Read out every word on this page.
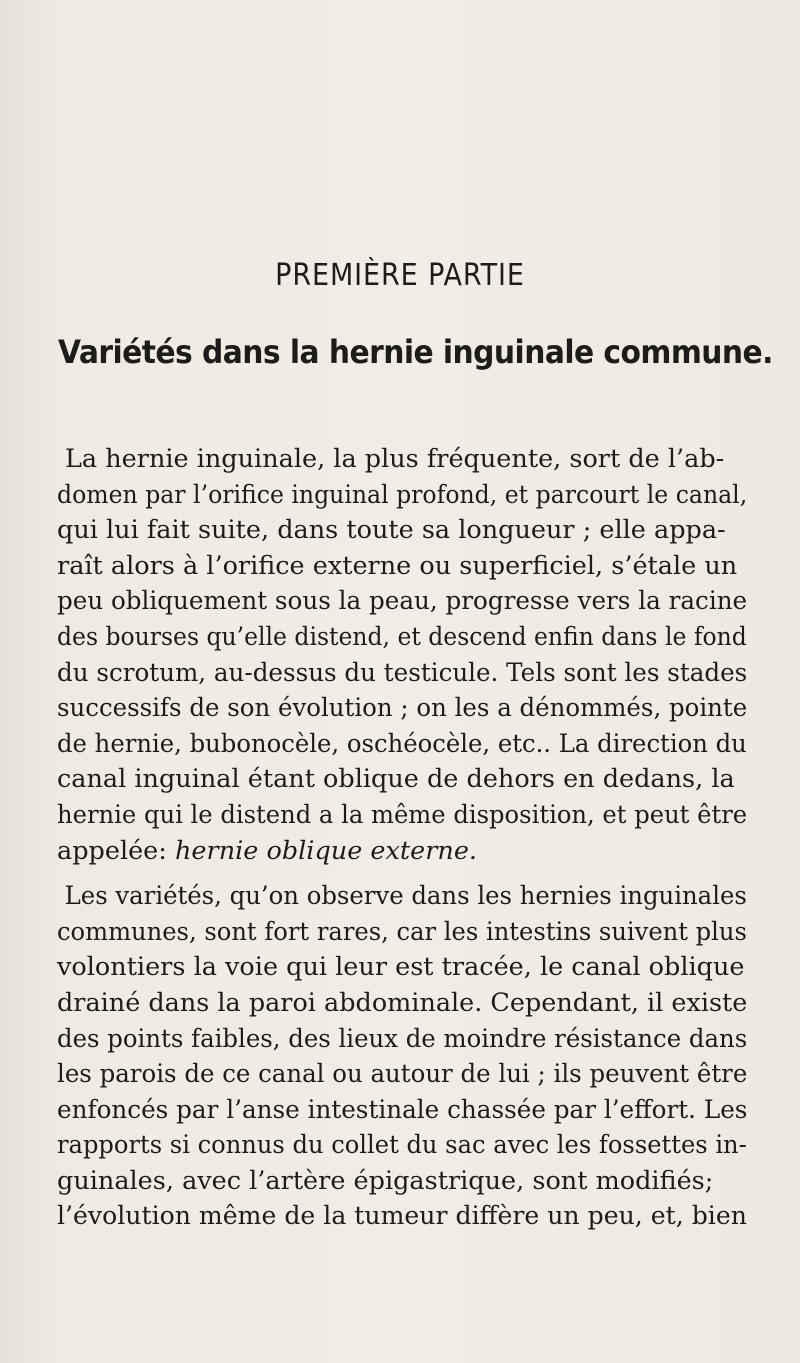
PREMIÈRE PARTIE
Variétés dans la hernie inguinale commune.

La hernie inguinale, la plus fréquente, sort de l’ab-
domen par l’orifice inguinal profond, et parcourt le canal,
qui lui fait suite, dans toute sa longueur ; elle appa-
raît alors à l’orifice externe ou superficiel, s’étale un
peu obliquement sous la peau, progresse vers la racine
des bourses qu’elle distend, et descend enfin dans le fond
du scrotum, au-dessus du testicule. Tels sont les stades
successifs de son évolution ; on les a dénommés, pointe
de hernie, bubonocèle, oschéocèle, etc.. La direction du
canal inguinal étant oblique de dehors en dedans, la
hernie qui le distend a la même disposition, et peut être
appelée: hernie oblique externe.

Les variétés, qu’on observe dans les hernies inguinales
communes, sont fort rares, car les intestins suivent plus
volontiers la voie qui leur est tracée, le canal oblique
drainé dans la paroi abdominale. Cependant, il existe
des points faibles, des lieux de moindre résistance dans
les parois de ce canal ou autour de lui ; ils peuvent être
enfoncés par l’anse intestinale chassée par l’effort. Les
rapports si connus du collet du sac avec les fossettes in-
guinales, avec l’artère épigastrique, sont modifiés;
l’évolution même de la tumeur diffère un peu, et, bien
